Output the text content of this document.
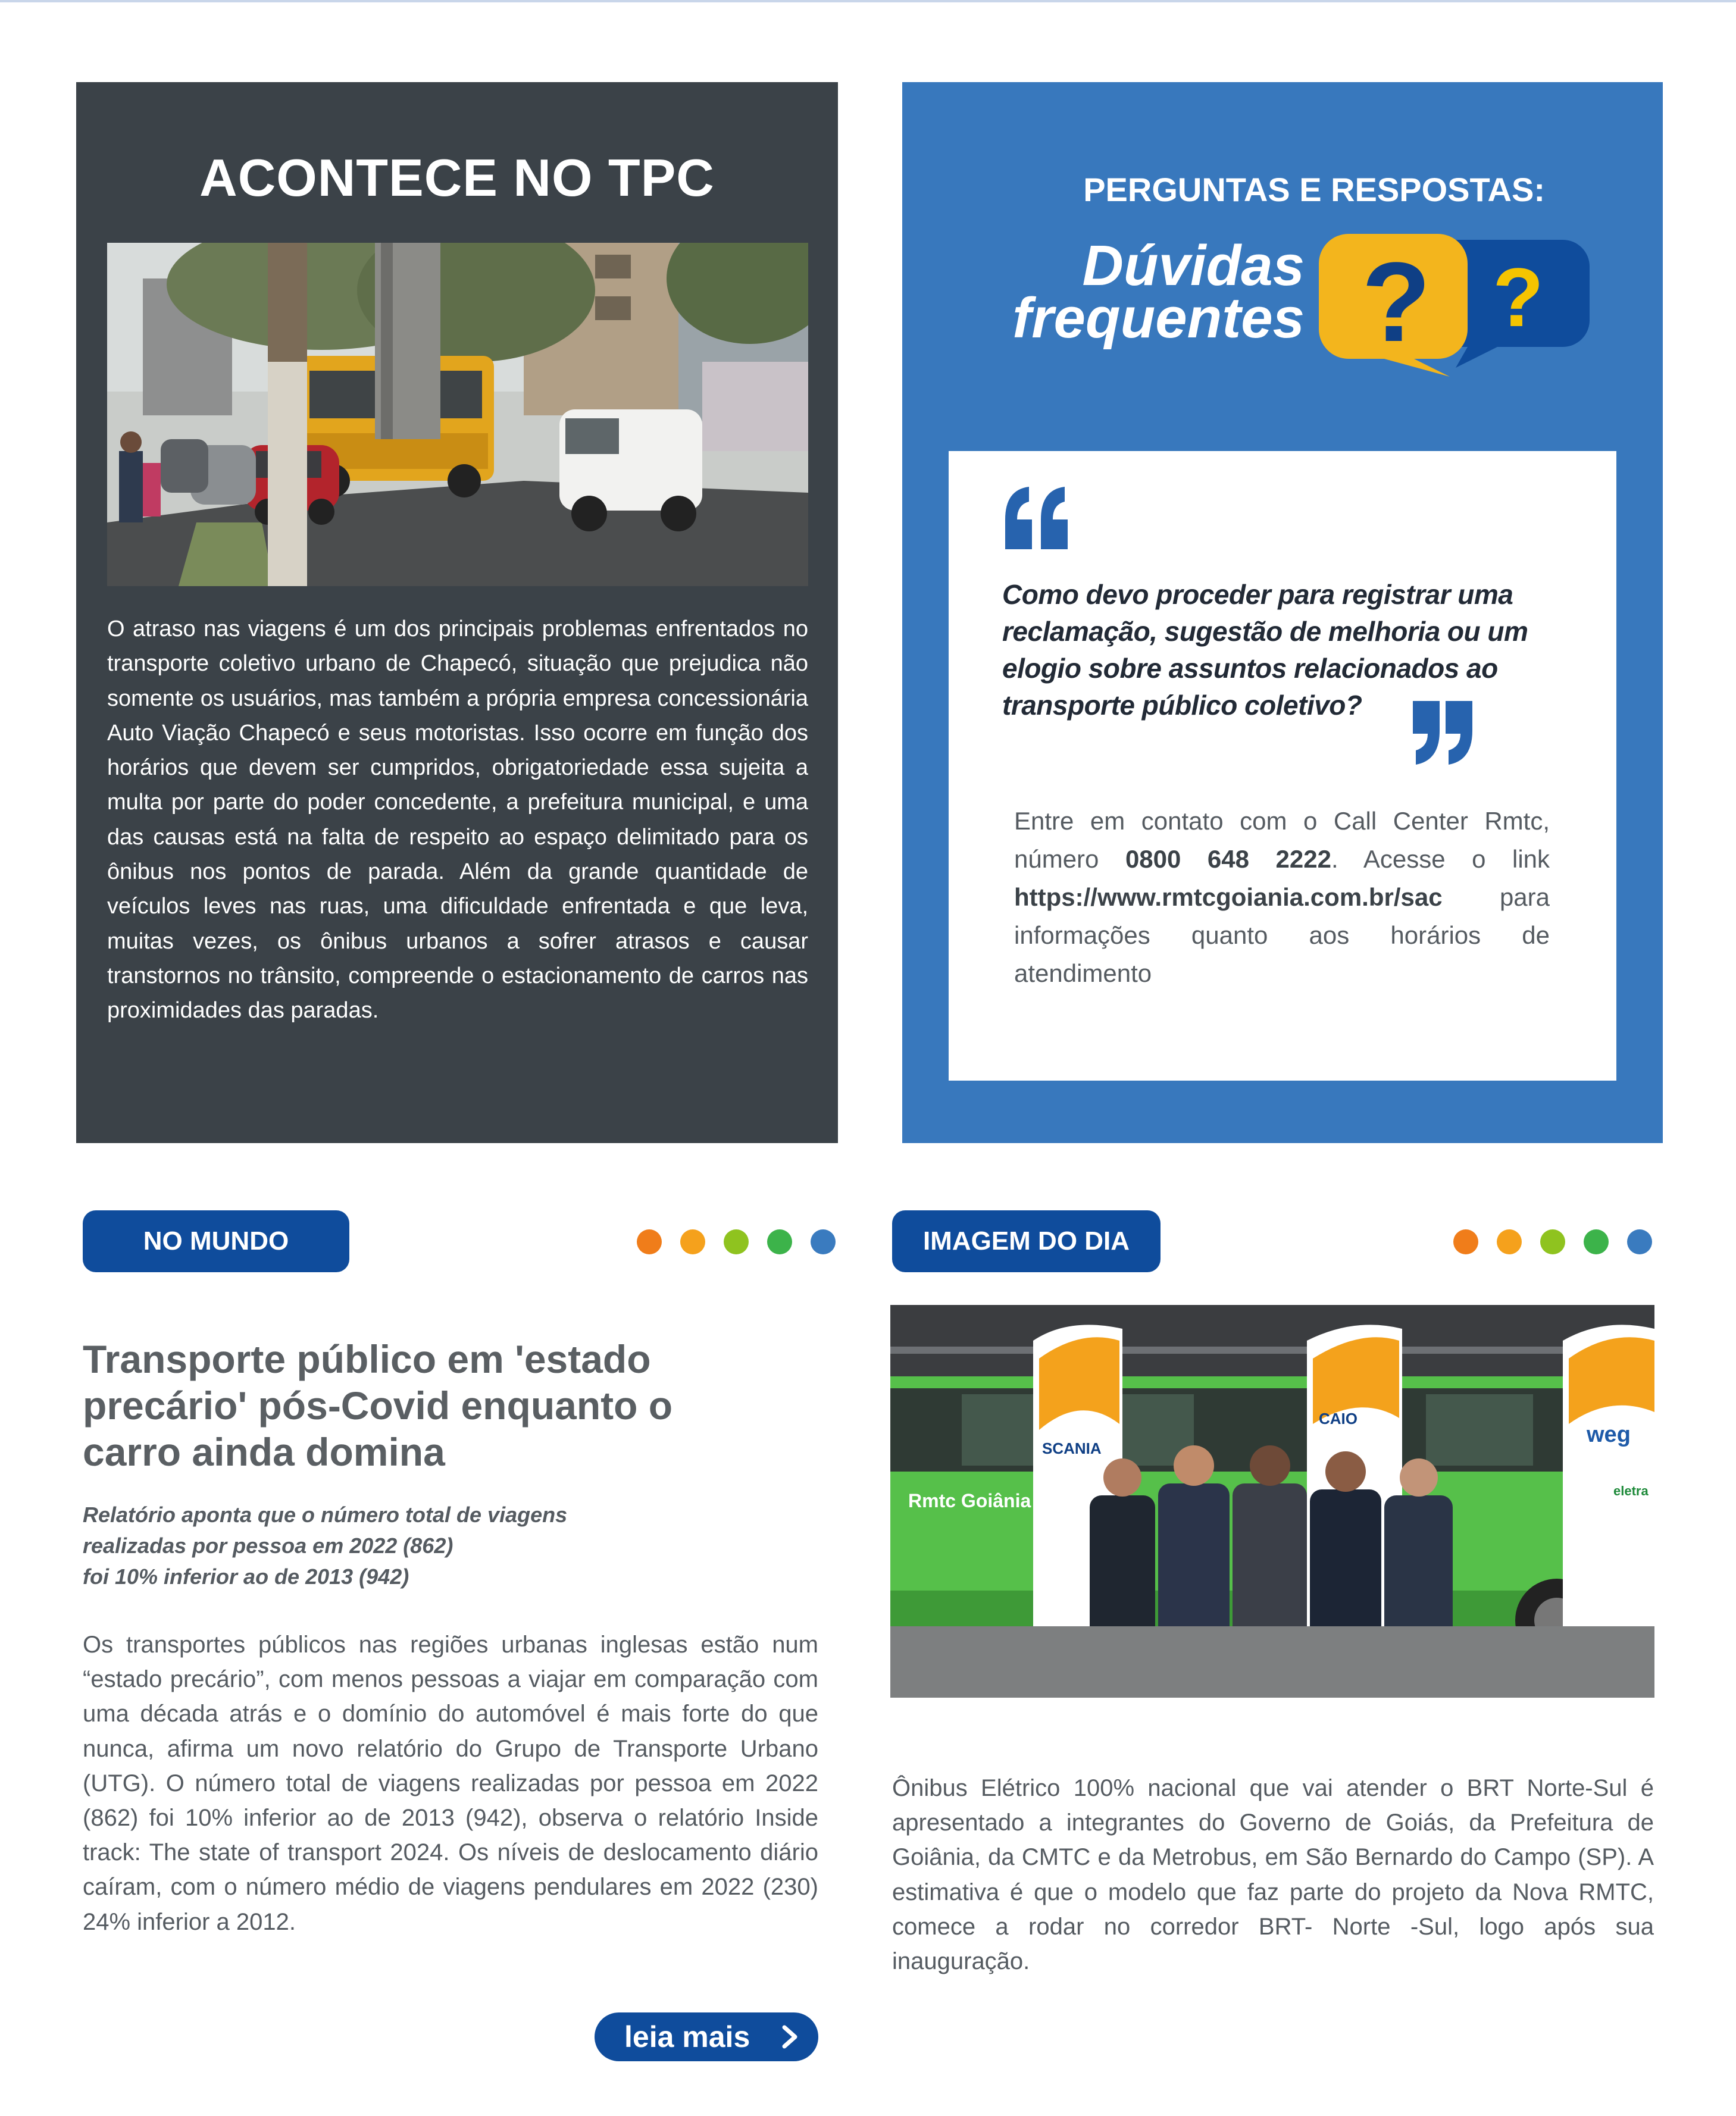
ACONTECE NO TPC
O atraso nas viagens é um dos principais problemas enfrentados no transporte coletivo urbano de Chapecó, situação que prejudica não somente os usuários, mas também a própria empresa concessionária Auto Viação Chapecó e seus motoristas. Isso ocorre em função dos horários que devem ser cumpridos, obrigatoriedade essa sujeita a multa por parte do poder concedente, a prefeitura municipal, e uma das causas está na falta de respeito ao espaço delimitado para os ônibus nos pontos de parada. Além da grande quantidade de veículos leves nas ruas, uma dificuldade enfrentada e que leva, muitas vezes, os ônibus urbanos a sofrer atrasos e causar transtornos no trânsito, compreende o estacionamento de carros nas proximidades das paradas.
PERGUNTAS E RESPOSTAS:
Dúvidas
frequentes ?
?
Como devo proceder para registrar uma reclamação, sugestão de melhoria ou um elogio sobre assuntos relacionados ao transporte público coletivo?
Entre em contato com o Call Center Rmtc, número 0800 648 2222. Acesse o link https://www.rmtcgoiania.com.br/sac para informações quanto aos horários de atendimento
NO MUNDO
Transporte público em 'estado precário' pós-Covid enquanto o carro ainda domina
Relatório aponta que o número total de viagens
realizadas por pessoa em 2022 (862)
foi 10% inferior ao de 2013 (942)
Os transportes públicos nas regiões urbanas inglesas estão num “estado precário”, com menos pessoas a viajar em comparação com uma década atrás e o domínio do automóvel é mais forte do que nunca, afirma um novo relatório do Grupo de Transporte Urbano (UTG). O número total de viagens realizadas por pessoa em 2022 (862) foi 10% inferior ao de 2013 (942), observa o relatório Inside track: The state of transport 2024. Os níveis de deslocamento diário caíram, com o número médio de viagens pendulares em 2022 (230) 24% inferior a 2012.
leia mais
IMAGEM DO DIA
Rmtc Goiânia
SCANIA
CAIO
weg
eletra
Ônibus Elétrico 100% nacional que vai atender o BRT Norte-Sul é apresentado a integrantes do Governo de Goiás, da Prefeitura de Goiânia, da CMTC e da Metrobus, em São Bernardo do Campo (SP). A estimativa é que o modelo que faz parte do projeto da Nova RMTC, comece a rodar no corredor BRT- Norte -Sul, logo após sua inauguração.
